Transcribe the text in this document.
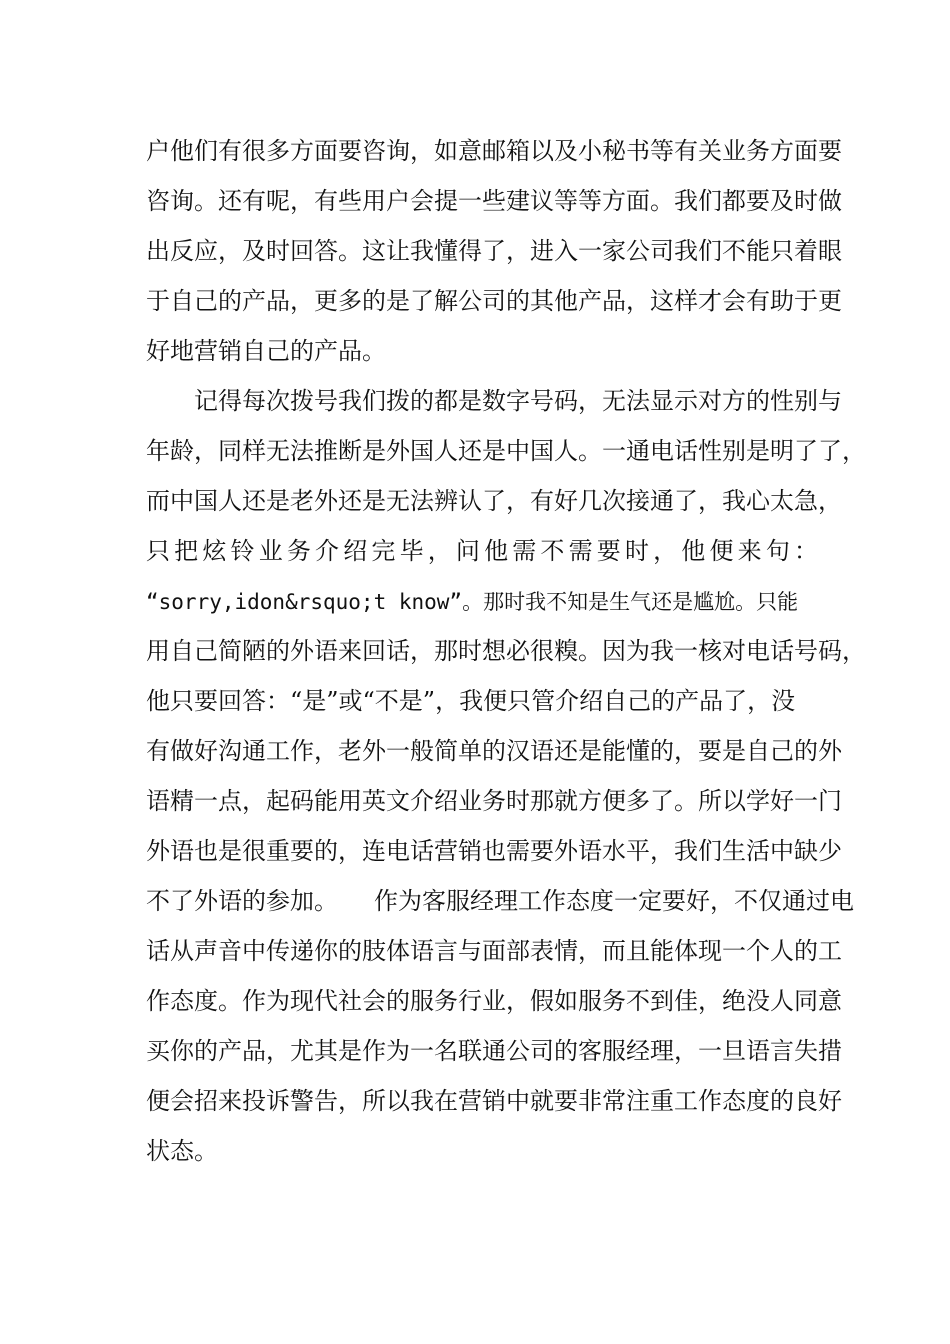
户他们有很多方面要咨询，如意邮箱以及小秘书等有关业务方面要
咨询。还有呢，有些用户会提一些建议等等方面。我们都要及时做
出反应，及时回答。这让我懂得了，进入一家公司我们不能只着眼
于自己的产品，更多的是了解公司的其他产品，这样才会有助于更
好地营销自己的产品。
记得每次拨号我们拨的都是数字号码，无法显示对方的性别与
年龄，同样无法推断是外国人还是中国人。一通电话性别是明了了，
而中国人还是老外还是无法辨认了，有好几次接通了，我心太急，
只把炫铃业务介绍完毕，问他需不需要时，他便来句：
“sorry,idon&rsquo;t know”。那时我不知是生气还是尴尬。只能
用自己简陋的外语来回话，那时想必很糗。因为我一核对电话号码，
他只要回答：“是”或“不是”，我便只管介绍自己的产品了，没
有做好沟通工作，老外一般简单的汉语还是能懂的，要是自己的外
语精一点，起码能用英文介绍业务时那就方便多了。所以学好一门
外语也是很重要的，连电话营销也需要外语水平，我们生活中缺少
不了外语的参加。　　作为客服经理工作态度一定要好，不仅通过电
话从声音中传递你的肢体语言与面部表情，而且能体现一个人的工
作态度。作为现代社会的服务行业，假如服务不到佳，绝没人同意
买你的产品，尤其是作为一名联通公司的客服经理，一旦语言失措
便会招来投诉警告，所以我在营销中就要非常注重工作态度的良好
状态。
